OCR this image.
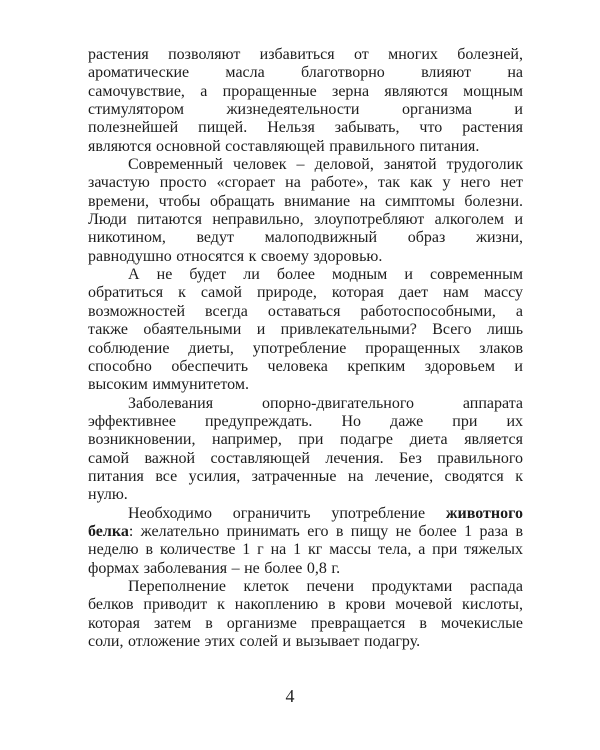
растения позволяют избавиться от многих болезней,
ароматические масла благотворно влияют на
самочувствие, а проращенные зерна являются мощным
стимулятором жизнедеятельности организма и
полезнейшей пищей. Нельзя забывать, что растения
являются основной составляющей правильного питания.
Современный человек – деловой, занятой трудоголик
зачастую просто «сгорает на работе», так как у него нет
времени, чтобы обращать внимание на симптомы болезни.
Люди питаются неправильно, злоупотребляют алкоголем и
никотином, ведут малоподвижный образ жизни,
равнодушно относятся к своему здоровью.
А не будет ли более модным и современным
обратиться к самой природе, которая дает нам массу
возможностей всегда оставаться работоспособными, а
также обаятельными и привлекательными? Всего лишь
соблюдение диеты, употребление проращенных злаков
способно обеспечить человека крепким здоровьем и
высоким иммунитетом.
Заболевания опорно-двигательного аппарата
эффективнее предупреждать. Но даже при их
возникновении, например, при подагре диета является
самой важной составляющей лечения. Без правильного
питания все усилия, затраченные на лечение, сводятся к
нулю.
Необходимо ограничить употребление животного
белка: желательно принимать его в пищу не более 1 раза в
неделю в количестве 1 г на 1 кг массы тела, а при тяжелых
формах заболевания – не более 0,8 г.
Переполнение клеток печени продуктами распада
белков приводит к накоплению в крови мочевой кислоты,
которая затем в организме превращается в мочекислые
соли, отложение этих солей и вызывает подагру.
4
